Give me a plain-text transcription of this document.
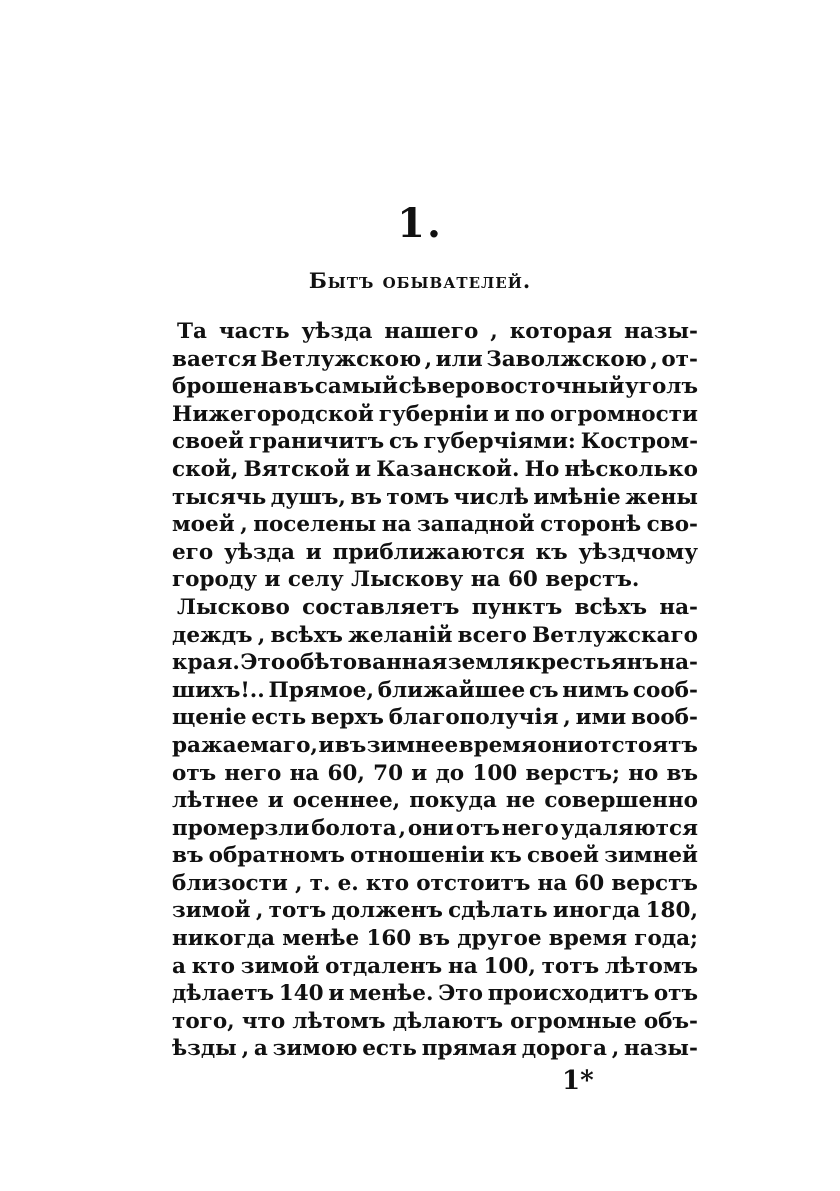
1.
Бытъ обывателей.
Та часть уѣзда нашего , которая назы-
вается Ветлужскою , или Заволжскою , от-
брошена въ самый сѣверо восточный уголъ
Нижегородской губерніи и по огромности
своей граничитъ съ губерчіями: Костром-
ской, Вятской и Казанской. Но нѣсколько
тысячь душъ, въ томъ числѣ имѣніе жены
моей , поселены на западной сторонѣ сво-
его уѣзда и приближаются къ уѣздчому
городу и селу Лыскову на 60 верстъ.
Лысково составляетъ пунктъ всѣхъ на-
деждъ , всѣхъ желаній всего Ветлужскаго
края. Это обѣтованная земля крестьянъ на-
шихъ!.. Прямое, ближайшее съ нимъ сооб-
щеніе есть верхъ благополучія , ими вооб-
ражаемаго, и въ зимнее время они отстоятъ
отъ него на 60, 70 и до 100 верстъ; но въ
лѣтнее и осеннее, покуда не совершенно
промерзли болота , они отъ него удаляются
въ обратномъ отношеніи къ своей зимней
близости , т. е. кто отстоитъ на 60 верстъ
зимой , тотъ долженъ сдѣлать иногда 180,
никогда менѣе 160 въ другое время года;
а кто зимой отдаленъ на 100, тотъ лѣтомъ
дѣлаетъ 140 и менѣе. Это происходитъ отъ
того, что лѣтомъ дѣлаютъ огромные объ-
ѣзды , а зимою есть прямая дорога , назы-
1*
